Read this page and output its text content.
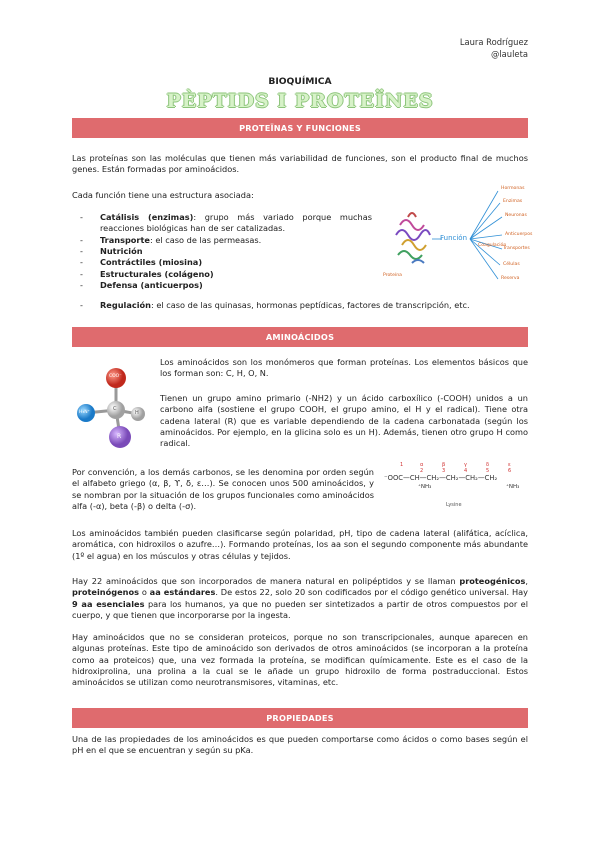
Laura Rodríguez
@lauleta
BIOQUÍMICA
PÈPTIDS I PROTEÏNES
PROTEÏNAS Y FUNCIONES
Las proteínas son las moléculas que tienen más variabilidad de funciones, son el producto final de muchos genes. Están formadas por aminoácidos.
Cada función tiene una estructura asociada:
- Catálisis (enzimas): grupo más variado porque muchas reacciones biológicas han de ser catalizadas.
- Transporte: el caso de las permeasas.
- Nutrición
- Contráctiles (miosina)
- Estructurales (colágeno)
- Defensa (anticuerpos)
- Regulación: el caso de las quinasas, hormonas peptídicas, factores de transcripción, etc.
Proteína
Función
Hormonas
Enzimas
Neuronas
Anticuerpos
Transportes
Células
Reserva
Coagulación
AMINOÁCIDOS
COO⁻
H₃N⁺
C
H
R
Los aminoácidos son los monómeros que forman proteínas. Los elementos básicos que los forman son: C, H, O, N.
Tienen un grupo amino primario (-NH2) y un ácido carboxílico (-COOH) unidos a un carbono alfa (sostiene el grupo COOH, el grupo amino, el H y el radical). Tiene otra cadena lateral (R) que es variable dependiendo de la cadena carbonatada (según los aminoácidos. Por ejemplo, en la glicina solo es un H). Además, tienen otro grupo H como radical.
Por convención, a los demás carbonos, se les denomina por orden según el alfabeto griego (α, β, ϒ, δ, ε…). Se conocen unos 500 aminoácidos, y se nombran por la situación de los grupos funcionales como aminoácidos alfa (-α), beta (-β) o delta (-σ).
1	α	β	γ	δ	ε
2	3	4	5	6
⁻OOC—CH—CH₂—CH₂—CH₂—CH₂
⁺NH₃	⁺NH₃
Lysine
Los aminoácidos también pueden clasificarse según polaridad, pH, tipo de cadena lateral (alifática, acíclica, aromática, con hidroxilos o azufre…). Formando proteínas, los aa son el segundo componente más abundante (1º el agua) en los músculos y otras células y tejidos.
Hay 22 aminoácidos que son incorporados de manera natural en polipéptidos y se llaman proteogénicos, proteinógenos o aa estándares. De estos 22, solo 20 son codificados por el código genético universal. Hay 9 aa esenciales para los humanos, ya que no pueden ser sintetizados a partir de otros compuestos por el cuerpo, y que tienen que incorporarse por la ingesta.
Hay aminoácidos que no se consideran proteicos, porque no son transcripcionales, aunque aparecen en algunas proteínas. Este tipo de aminoácido son derivados de otros aminoácidos (se incorporan a la proteína como aa proteicos) que, una vez formada la proteína, se modifican químicamente. Este es el caso de la hidroxiprolina, una prolina a la cual se le añade un grupo hidroxilo de forma postraduccional. Estos aminoácidos se utilizan como neurotransmisores, vitaminas, etc.
PROPIEDADES
Una de las propiedades de los aminoácidos es que pueden comportarse como ácidos o como bases según el pH en el que se encuentran y según su pKa.
